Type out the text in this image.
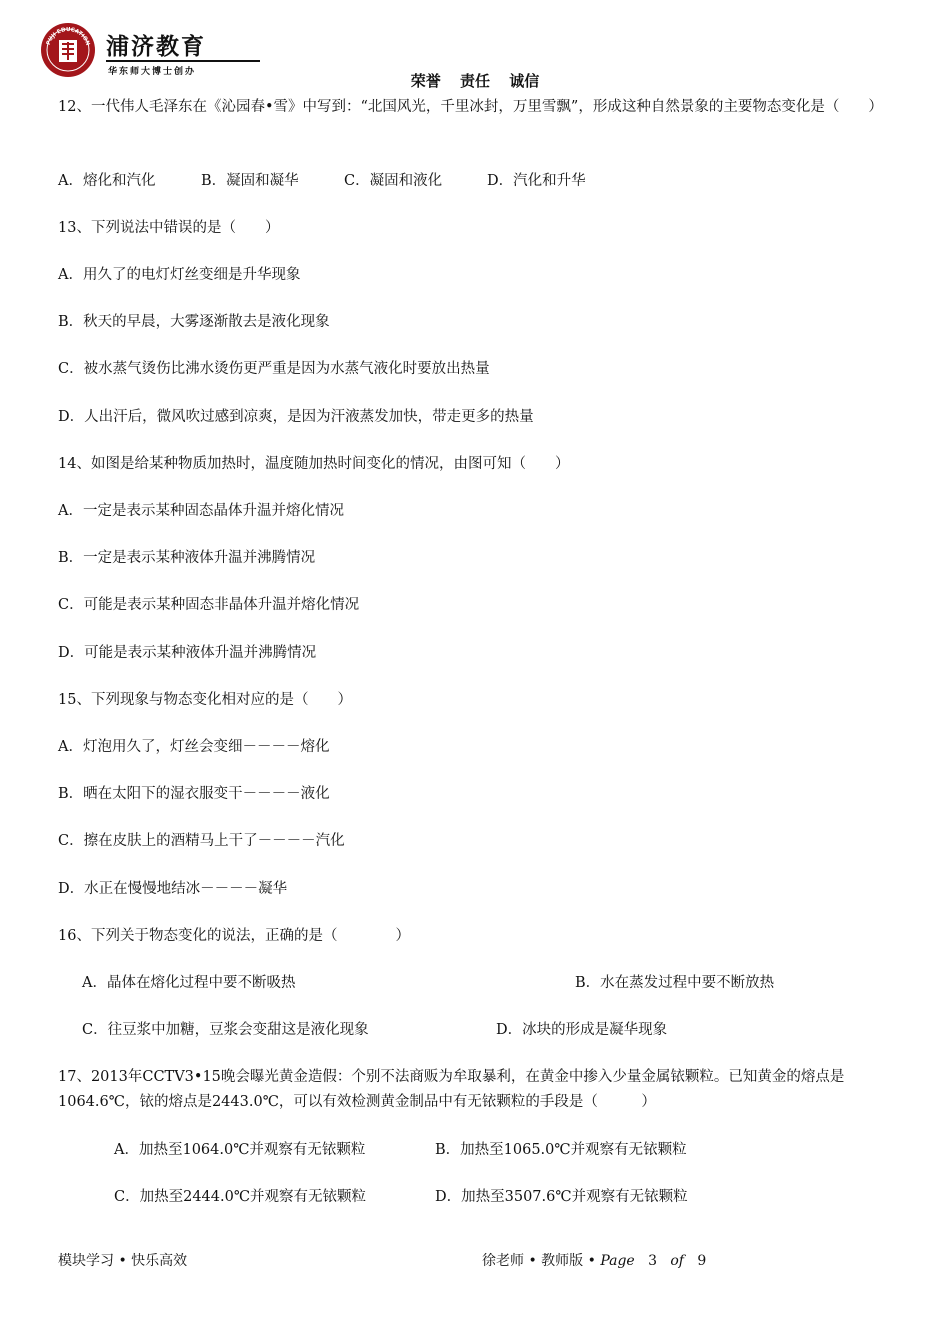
PUJI EDUCATION 浦济教育
华东师大博士创办	荣誉 责任 诚信
12、一代伟人毛泽东在《沁园春•雪》中写到：“北国风光，千里冰封，万里雪飘”，形成这种自然景象的主要物态变化是（　　）
A．熔化和汽化	B．凝固和凝华	C．凝固和液化	D．汽化和升华
13、下列说法中错误的是（　　）
A．用久了的电灯灯丝变细是升华现象
B．秋天的早晨，大雾逐渐散去是液化现象
C．被水蒸气烫伤比沸水烫伤更严重是因为水蒸气液化时要放出热量
D．人出汗后，微风吹过感到凉爽，是因为汗液蒸发加快，带走更多的热量
14、如图是给某种物质加热时，温度随加热时间变化的情况，由图可知（　　）
A．一定是表示某种固态晶体升温并熔化情况
B．一定是表示某种液体升温并沸腾情况
C．可能是表示某种固态非晶体升温并熔化情况
D．可能是表示某种液体升温并沸腾情况
15、下列现象与物态变化相对应的是（　　）
A．灯泡用久了，灯丝会变细－－－－熔化
B．晒在太阳下的湿衣服变干－－－－液化
C．擦在皮肤上的酒精马上干了－－－－汽化
D．水正在慢慢地结冰－－－－凝华
16、下列关于物态变化的说法，正确的是（　　　　）
A．晶体在熔化过程中要不断吸热	B．水在蒸发过程中要不断放热
C．往豆浆中加糖，豆浆会变甜这是液化现象	D．冰块的形成是凝华现象
17、2013年CCTV3•15晚会曝光黄金造假：个别不法商贩为牟取暴利，在黄金中掺入少量金属铱颗粒。已知黄金的熔点是1064.6℃，铱的熔点是2443.0℃，可以有效检测黄金制品中有无铱颗粒的手段是（　　　）
A．加热至1064.0℃并观察有无铱颗粒	B．加热至1065.0℃并观察有无铱颗粒
C．加热至2444.0℃并观察有无铱颗粒	D．加热至3507.6℃并观察有无铱颗粒
模块学习 • 快乐高效	徐老师 • 教师版 • Page 3 of 9
